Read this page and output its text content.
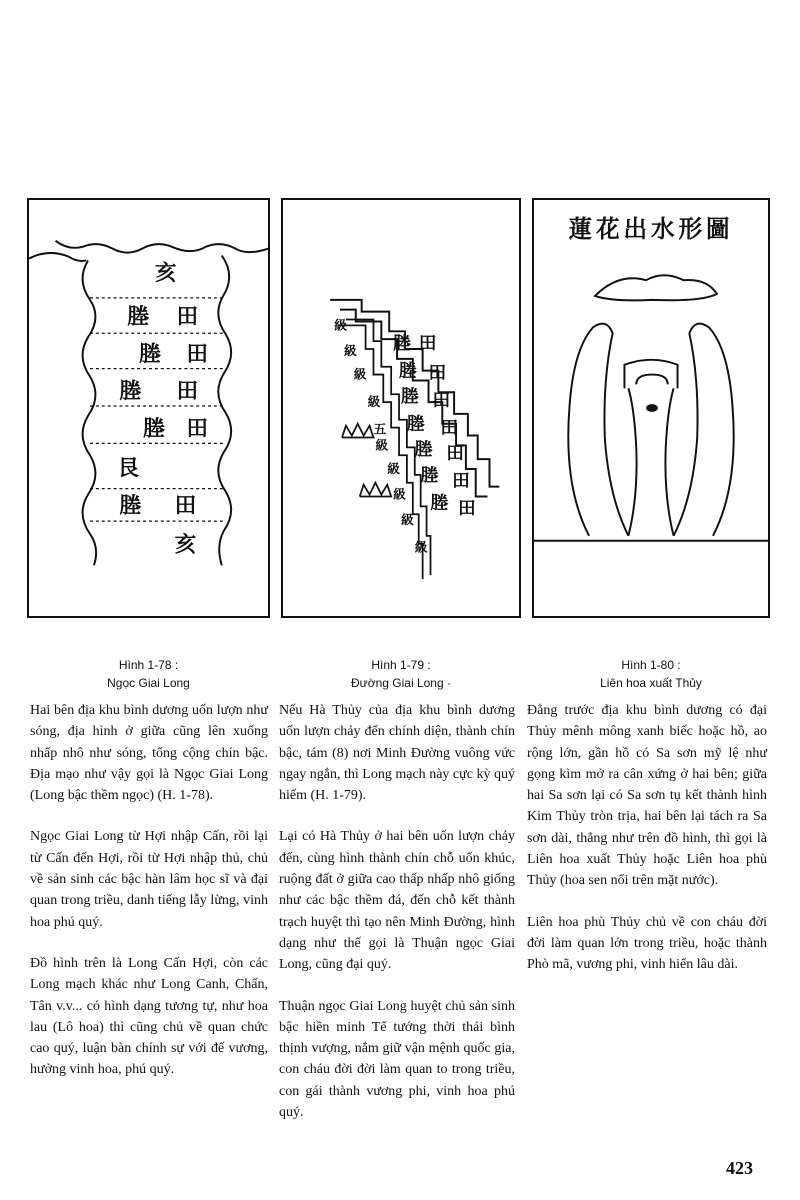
亥
塍 田
塍 田
塍 田
塍 田
艮
塍 田
亥
塍 田
塍 田
塍 田
塍 田
塍 田
塍 田
塍 田
級
級
級
級
五
級
級
級
級
級
蓮花出水形圖
Hình 1-78 :
Ngọc Giai Long
Hình 1-79 :
Đường Giai Long ·
Hình 1-80 :
Liên hoa xuất Thủy

Hai bên địa khu bình dương uốn lượn như sóng, địa hình ở giữa cũng lên xuống nhấp nhô như sóng, tổng cộng chín bậc. Địa mạo như vậy gọi là Ngọc Giai Long (Long bậc thềm ngọc) (H. 1-78).

Ngọc Giai Long từ Hợi nhập Cấn, rồi lại từ Cấn đến Hợi, rồi từ Hợi nhập thủ, chủ về sản sinh các bậc hàn lâm học sĩ và đại quan trong triều, danh tiếng lẫy lừng, vinh hoa phú quý.

Đồ hình trên là Long Cấn Hợi, còn các Long mạch khác như Long Canh, Chấn, Tân v.v... có hình dạng tương tự, như hoa lau (Lô hoa) thì cũng chủ về quan chức cao quý, luận bàn chính sự với đế vương, hưởng vinh hoa, phú quý.

Nếu Hà Thủy của địa khu bình dương uốn lượn chảy đến chính diện, thành chín bậc, tám (8) nơi Minh Đường vuông vức ngay ngắn, thì Long mạch này cực kỳ quý hiếm (H. 1-79).

Lại có Hà Thủy ở hai bên uốn lượn chảy đến, cùng hình thành chín chỗ uốn khúc, ruộng đất ở giữa cao thấp nhấp nhô giống như các bậc thềm đá, đến chỗ kết thành trạch huyệt thì tạo nên Minh Đường, hình dạng như thế gọi là Thuận ngọc Giai Long, cũng đại quý.

Thuận ngọc Giai Long huyệt chủ sản sinh bậc hiền minh Tể tướng thời thái bình thịnh vượng, nắm giữ vận mệnh quốc gia, con cháu đời đời làm quan to trong triều, con gái thành vương phi, vinh hoa phú quý.

Đằng trước địa khu bình dương có đại Thủy mênh mông xanh biếc hoặc hồ, ao rộng lớn, gần hồ có Sa sơn mỹ lệ như gọng kìm mở ra cân xứng ở hai bên; giữa hai Sa sơn lại có Sa sơn tụ kết thành hình Kim Thủy tròn trịa, hai bên lại tách ra Sa sơn dài, thẳng như trên đồ hình, thì gọi là Liên hoa xuất Thủy hoặc Liên hoa phù Thủy (hoa sen nổi trên mặt nước).

Liên hoa phù Thủy chủ về con cháu đời đời làm quan lớn trong triều, hoặc thành Phò mã, vương phi, vinh hiển lâu dài.

423
